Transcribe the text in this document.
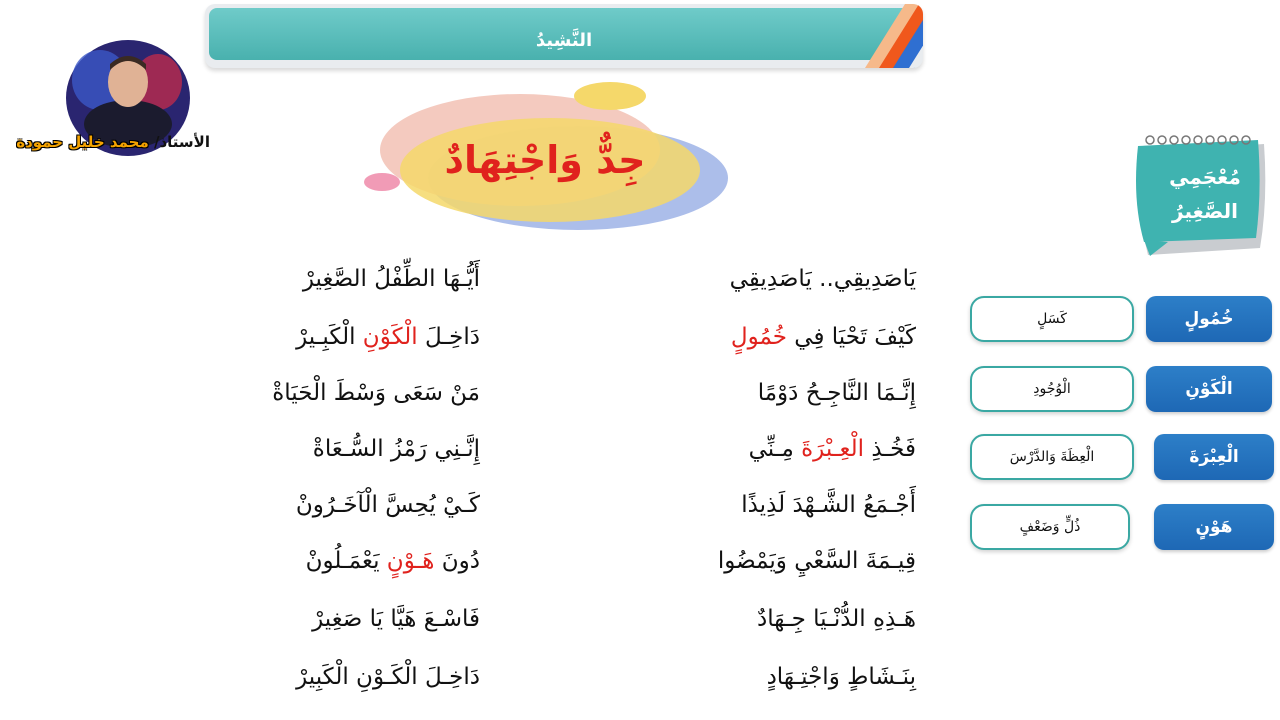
النَّشِيدُ
الأستاذ/ محمد خليل حمودة	جِدٌّ وَاجْتِهَادٌ	مُعْجَمِي
الصَّغِيرُ
خُمُولٍ
كَسَلٍ
الْكَوْنِ
الْوُجُودِ
الْعِبْرَةَ
الْعِظَةَ وَالدَّرْسَ
هَوْنٍ
ذُلٍّ وَضَعْفٍ
يَاصَدِيقِي.. يَاصَدِيقِي
كَيْفَ تَحْيَا فِي خُمُولٍ
إِنَّـمَا النَّاجِـحُ دَوْمًا
فَخُـذِ الْعِـبْرَةَ مِـنِّي
أَجْـمَعُ الشَّـهْدَ لَذِيذًا
قِيـمَةَ السَّعْيِ وَيَمْضُوا
هَـذِهِ الدُّنْـيَا جِـهَادٌ
بِنَـشَاطٍ وَاجْتِـهَادٍ
أَيُّـهَا الطِّفْلُ الصَّغِيرْ
دَاخِـلَ الْكَوْنِ الْكَبِـيرْ
مَنْ سَعَى وَسْطَ الْحَيَاةْ
إِنَّـنِي رَمْزُ السُّـعَاةْ
كَـيْ يُحِسَّ الْآخَـرُونْ
دُونَ هَـوْنٍ يَعْمَـلُونْ
فَاسْـعَ هَيَّا يَا صَغِيرْ
دَاخِـلَ الْكَـوْنِ الْكَبِيرْ
